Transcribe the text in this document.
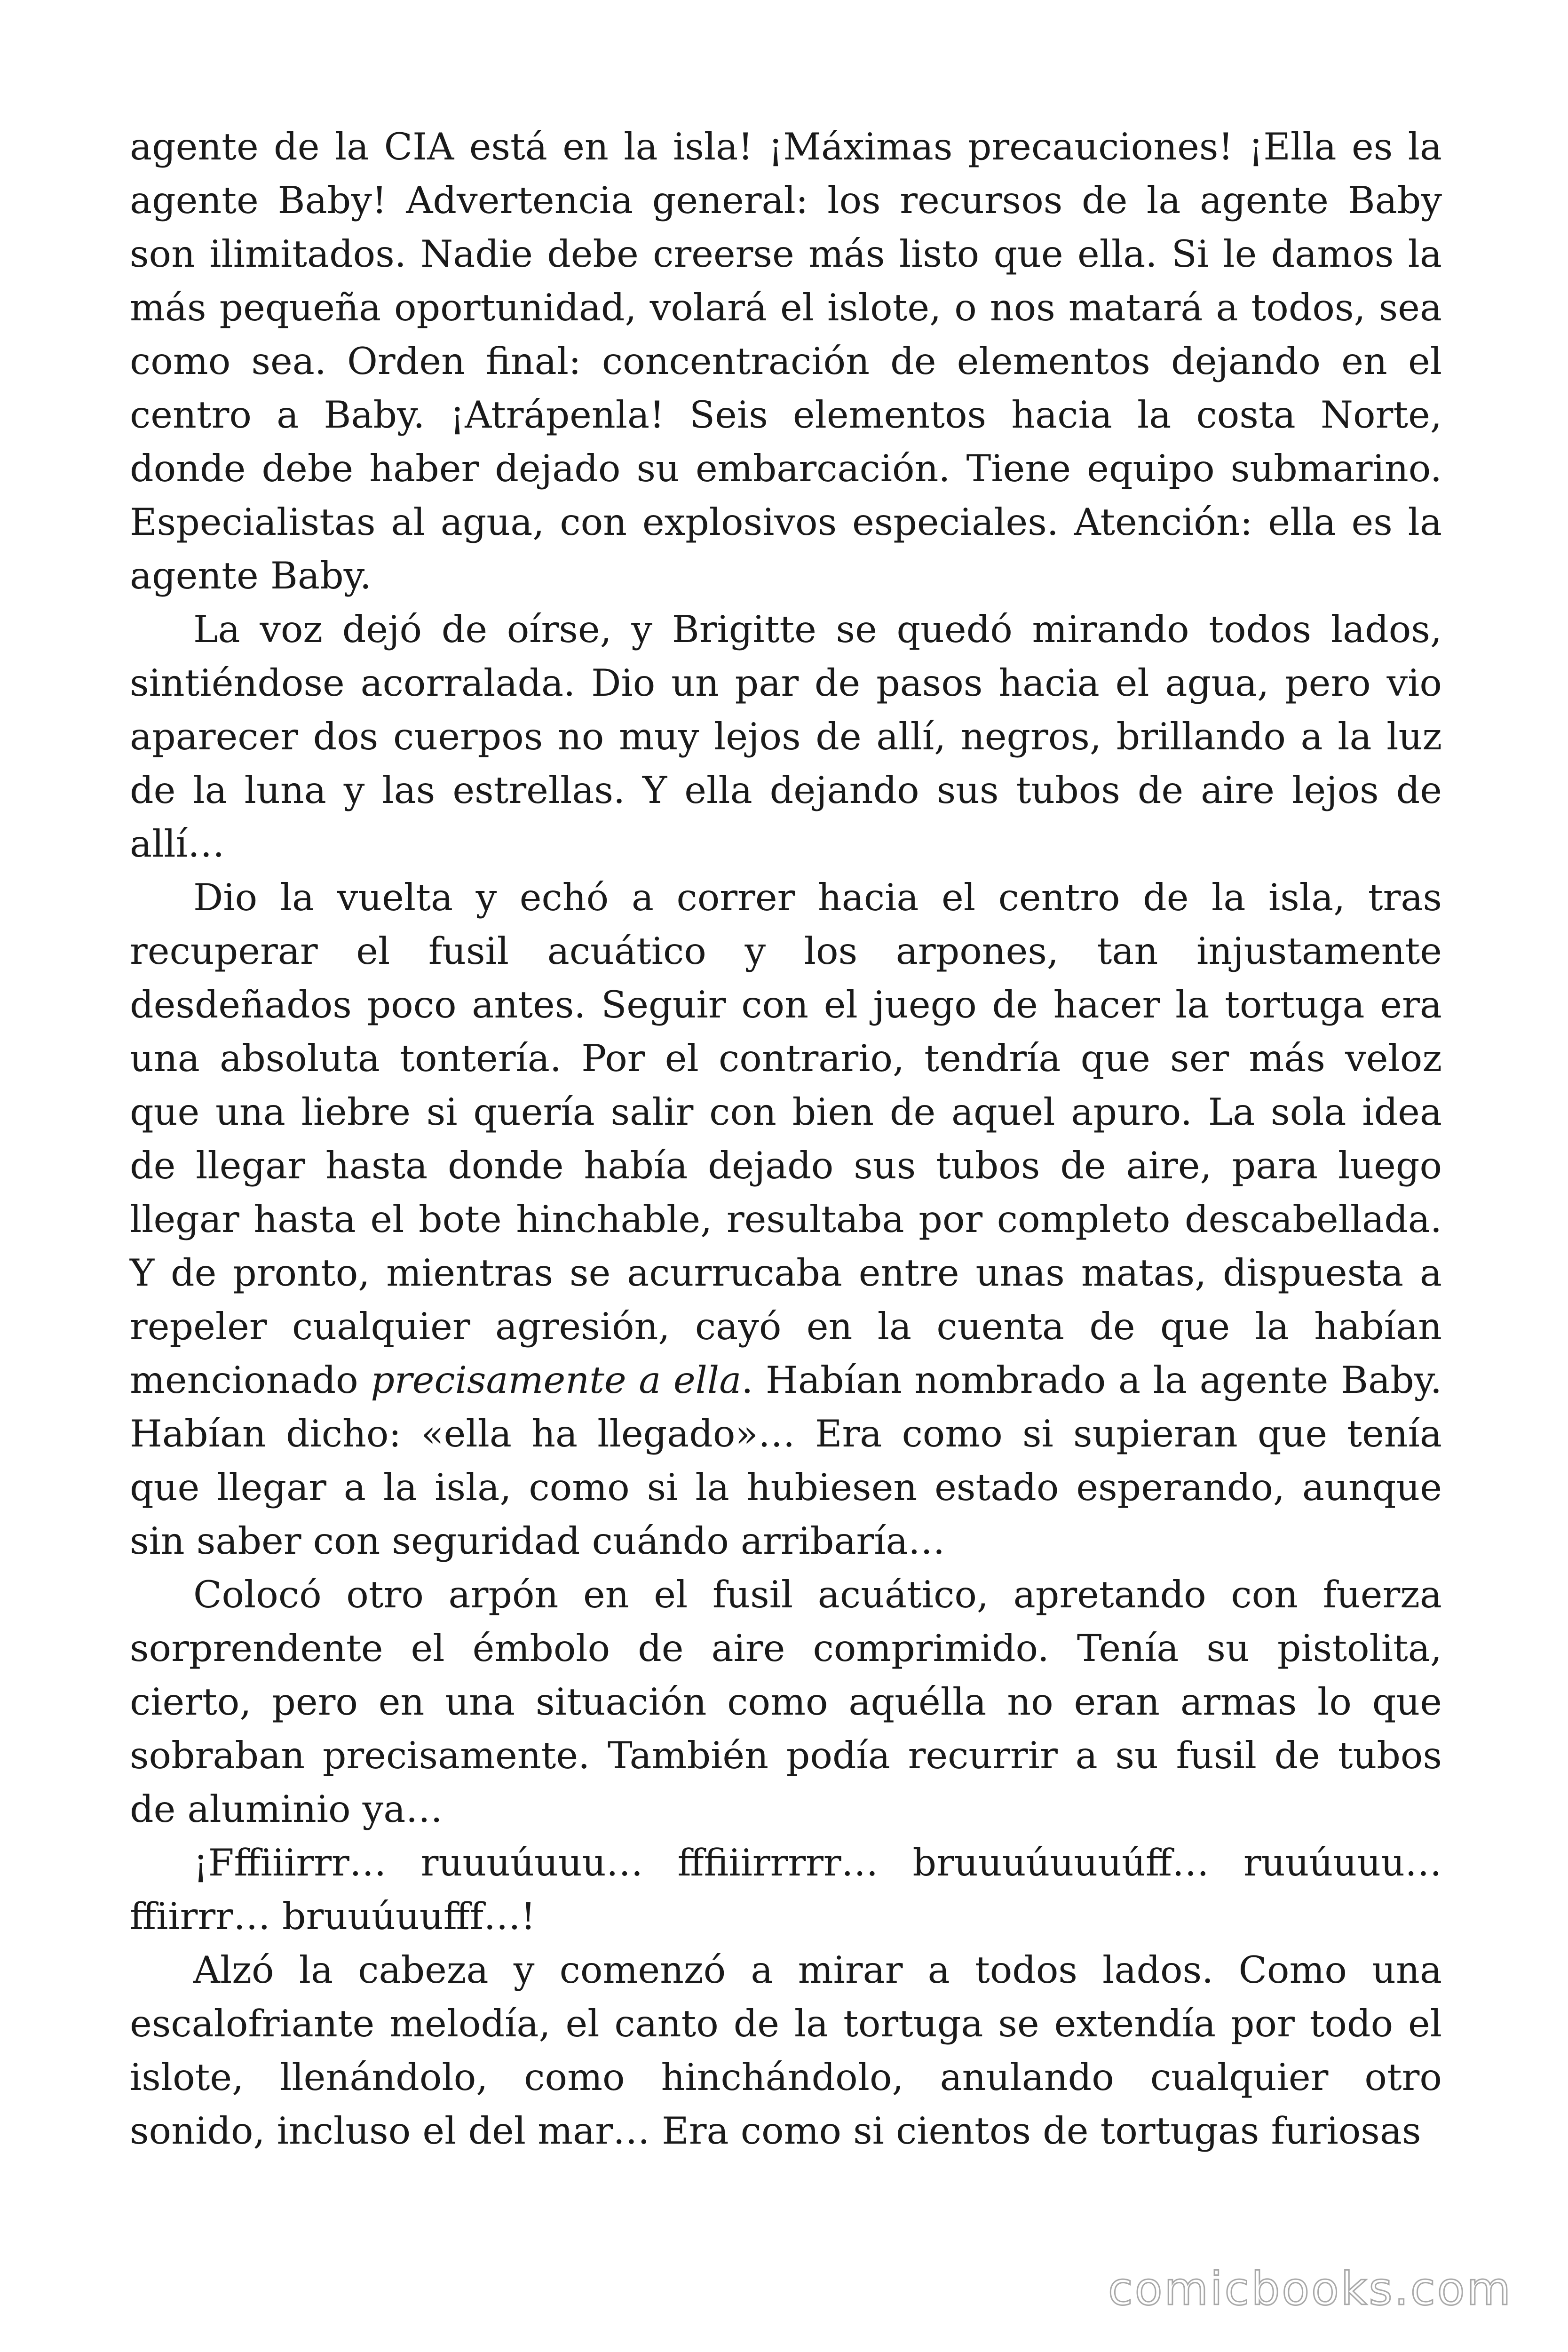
agente de la CIA está en la isla! ¡Máximas precauciones! ¡Ella es la agente Baby! Advertencia general: los recursos de la agente Baby son ilimitados. Nadie debe creerse más listo que ella. Si le damos la más pequeña oportunidad, volará el islote, o nos matará a todos, sea como sea. Orden final: concentración de elementos dejando en el centro a Baby. ¡Atrápenla! Seis elementos hacia la costa Norte, donde debe haber dejado su embarcación. Tiene equipo submarino. Especialistas al agua, con explosivos especiales. Atención: ella es la agente Baby.

La voz dejó de oírse, y Brigitte se quedó mirando todos lados, sintiéndose acorralada. Dio un par de pasos hacia el agua, pero vio aparecer dos cuerpos no muy lejos de allí, negros, brillando a la luz de la luna y las estrellas. Y ella dejando sus tubos de aire lejos de allí…

Dio la vuelta y echó a correr hacia el centro de la isla, tras recuperar el fusil acuático y los arpones, tan injustamente desdeñados poco antes. Seguir con el juego de hacer la tortuga era una absoluta tontería. Por el contrario, tendría que ser más veloz que una liebre si quería salir con bien de aquel apuro. La sola idea de llegar hasta donde había dejado sus tubos de aire, para luego llegar hasta el bote hinchable, resultaba por completo descabellada. Y de pronto, mientras se acurrucaba entre unas matas, dispuesta a repeler cualquier agresión, cayó en la cuenta de que la habían mencionado precisamente a ella. Habían nombrado a la agente Baby. Habían dicho: «ella ha llegado»… Era como si supieran que tenía que llegar a la isla, como si la hubiesen estado esperando, aunque sin saber con seguridad cuándo arribaría…

Colocó otro arpón en el fusil acuático, apretando con fuerza sorprendente el émbolo de aire comprimido. Tenía su pistolita, cierto, pero en una situación como aquélla no eran armas lo que sobraban precisamente. También podía recurrir a su fusil de tubos de aluminio ya…

¡Fffiiirrr… ruuuúuuu… fffiiirrrrr… bruuuúuuuúff… ruuúuuu… ffiirrr… bruuúuufff…!

Alzó la cabeza y comenzó a mirar a todos lados. Como una escalofriante melodía, el canto de la tortuga se extendía por todo el islote, llenándolo, como hinchándolo, anulando cualquier otro sonido, incluso el del mar… Era como si cientos de tortugas furiosas

comicbooks.com
